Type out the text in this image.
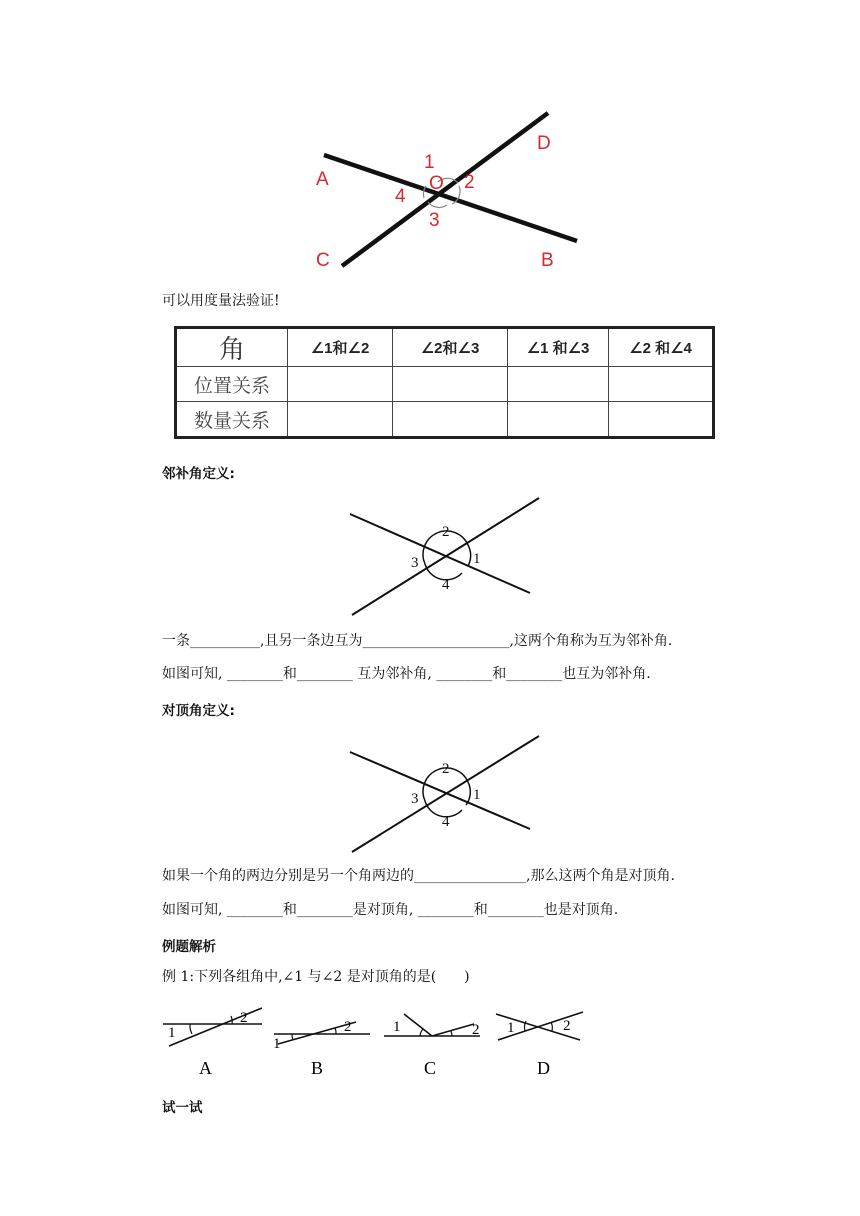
A
B
C
D
O
1
2
3
4
可以用度量法验证!
角	∠1和∠2	∠2和∠3	∠1 和∠3	∠2 和∠4
位置关系				
数量关系				
邻补角定义:
2
1
3
4
一条__________,且另一条边互为_____________________,这两个角称为互为邻补角.
如图可知, ________和________ 互为邻补角, ________和________也互为邻补角.
对顶角定义:
2
1
3
4
如果一个角的两边分别是另一个角两边的________________,那么这两个角是对顶角.
如图可知, ________和________是对顶角, ________和________也是对顶角.
例题解析
例 1:下列各组角中,∠1 与∠2 是对顶角的是(　　)
1
2
A
1
2
B
1	2
C
1	2
D
试一试
